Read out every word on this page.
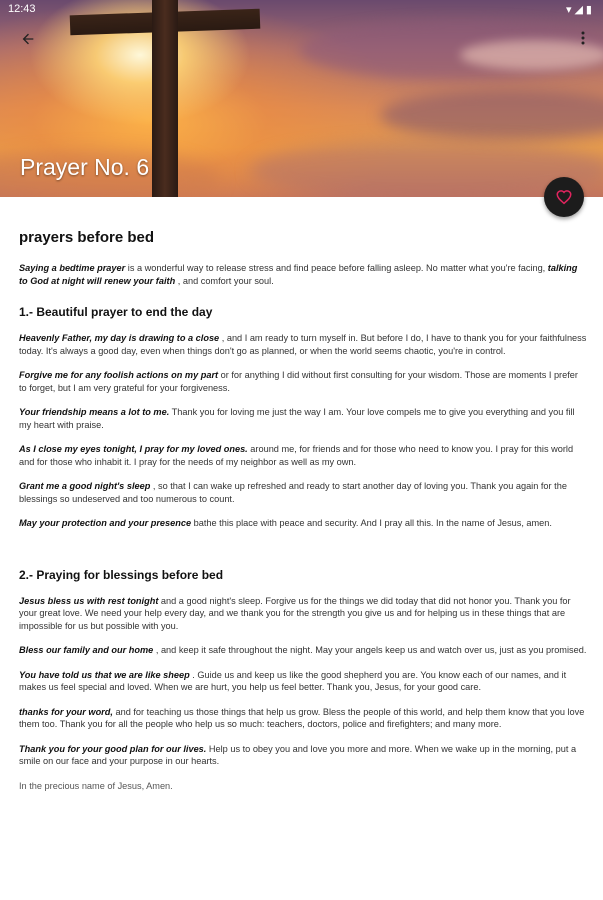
12:43	▾◢▮
Prayer No. 6
prayers before bed

Saying a bedtime prayer is a wonderful way to release stress and find peace before falling asleep. No matter what you're facing, talking to God at night will renew your faith , and comfort your soul.

1.- Beautiful prayer to end the day

Heavenly Father, my day is drawing to a close , and I am ready to turn myself in. But before I do, I have to thank you for your faithfulness today. It's always a good day, even when things don't go as planned, or when the world seems chaotic, you're in control.

Forgive me for any foolish actions on my part or for anything I did without first consulting for your wisdom. Those are moments I prefer to forget, but I am very grateful for your forgiveness.

Your friendship means a lot to me. Thank you for loving me just the way I am. Your love compels me to give you everything and you fill my heart with praise.

As I close my eyes tonight, I pray for my loved ones. around me, for friends and for those who need to know you. I pray for this world and for those who inhabit it. I pray for the needs of my neighbor as well as my own.

Grant me a good night's sleep , so that I can wake up refreshed and ready to start another day of loving you. Thank you again for the blessings so undeserved and too numerous to count.

May your protection and your presence bathe this place with peace and security. And I pray all this. In the name of Jesus, amen.

2.- Praying for blessings before bed

Jesus bless us with rest tonight and a good night's sleep. Forgive us for the things we did today that did not honor you. Thank you for your great love. We need your help every day, and we thank you for the strength you give us and for helping us in these things that are impossible for us but possible with you.

Bless our family and our home , and keep it safe throughout the night. May your angels keep us and watch over us, just as you promised.

You have told us that we are like sheep . Guide us and keep us like the good shepherd you are. You know each of our names, and it makes us feel special and loved. When we are hurt, you help us feel better. Thank you, Jesus, for your good care.

thanks for your word, and for teaching us those things that help us grow. Bless the people of this world, and help them know that you love them too. Thank you for all the people who help us so much: teachers, doctors, police and firefighters; and many more.

Thank you for your good plan for our lives. Help us to obey you and love you more and more. When we wake up in the morning, put a smile on our face and your purpose in our hearts.

In the precious name of Jesus, Amen.
